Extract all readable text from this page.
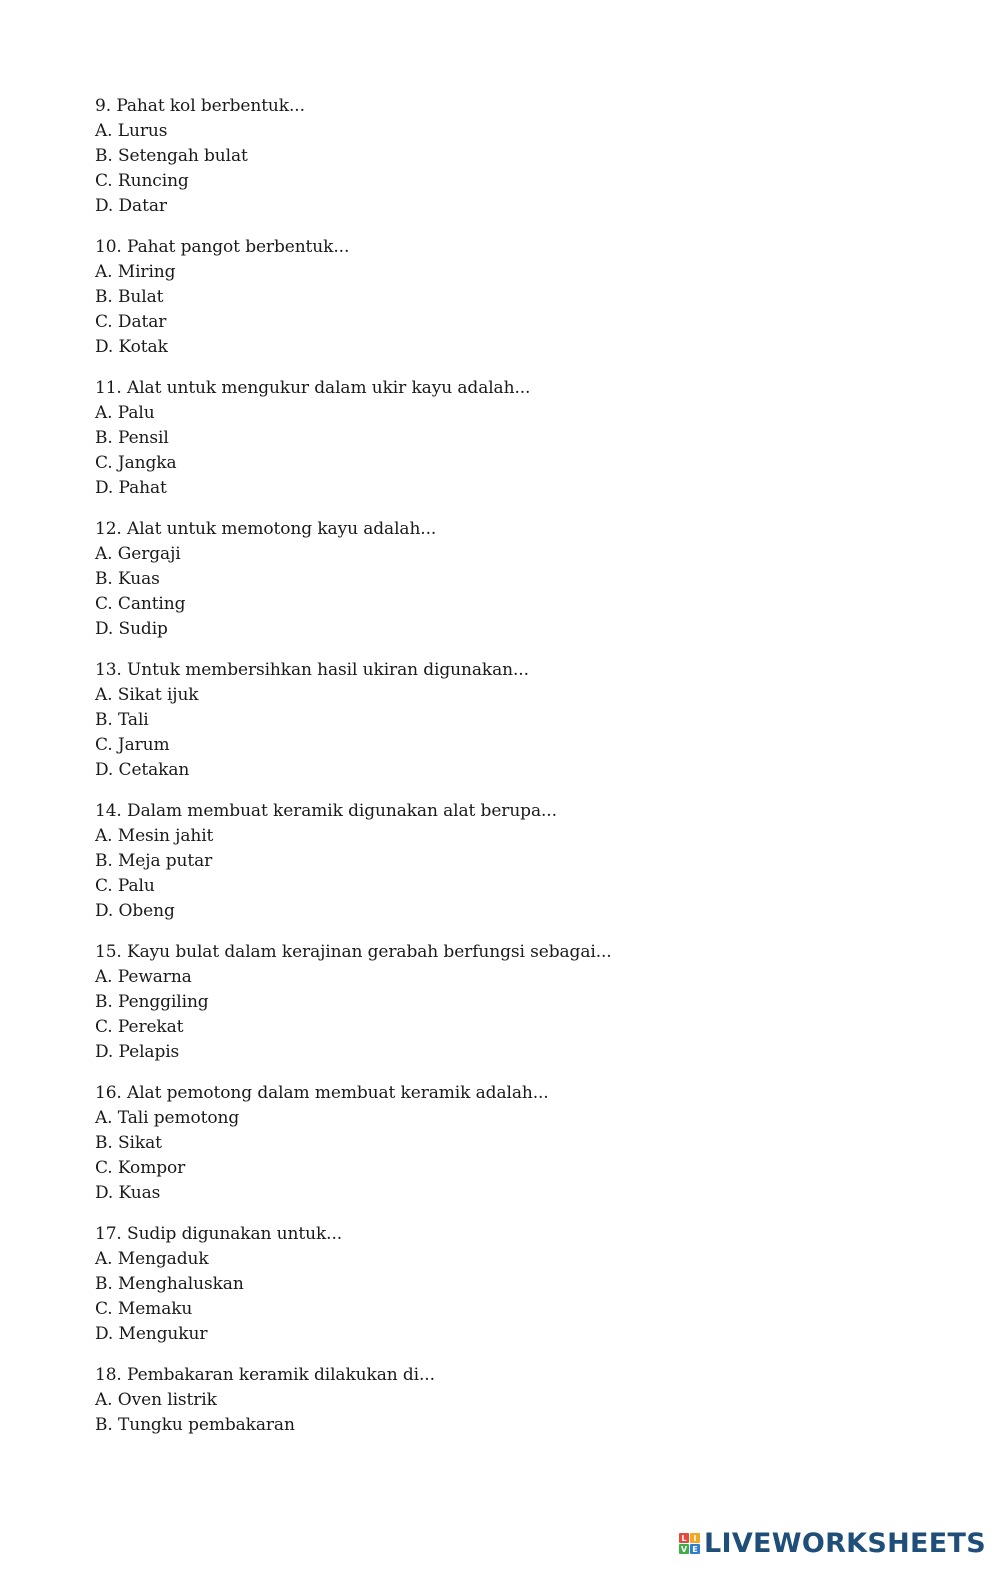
9. Pahat kol berbentuk...
A. Lurus
B. Setengah bulat
C. Runcing
D. Datar
10. Pahat pangot berbentuk...
A. Miring
B. Bulat
C. Datar
D. Kotak
11. Alat untuk mengukur dalam ukir kayu adalah...
A. Palu
B. Pensil
C. Jangka
D. Pahat
12. Alat untuk memotong kayu adalah...
A. Gergaji
B. Kuas
C. Canting
D. Sudip
13. Untuk membersihkan hasil ukiran digunakan...
A. Sikat ijuk
B. Tali
C. Jarum
D. Cetakan
14. Dalam membuat keramik digunakan alat berupa...
A. Mesin jahit
B. Meja putar
C. Palu
D. Obeng
15. Kayu bulat dalam kerajinan gerabah berfungsi sebagai...
A. Pewarna
B. Penggiling
C. Perekat
D. Pelapis
16. Alat pemotong dalam membuat keramik adalah...
A. Tali pemotong
B. Sikat
C. Kompor
D. Kuas
17. Sudip digunakan untuk...
A. Mengaduk
B. Menghaluskan
C. Memaku
D. Mengukur
18. Pembakaran keramik dilakukan di...
A. Oven listrik
B. Tungku pembakaran
L I
V E LIVEWORKSHEETS
